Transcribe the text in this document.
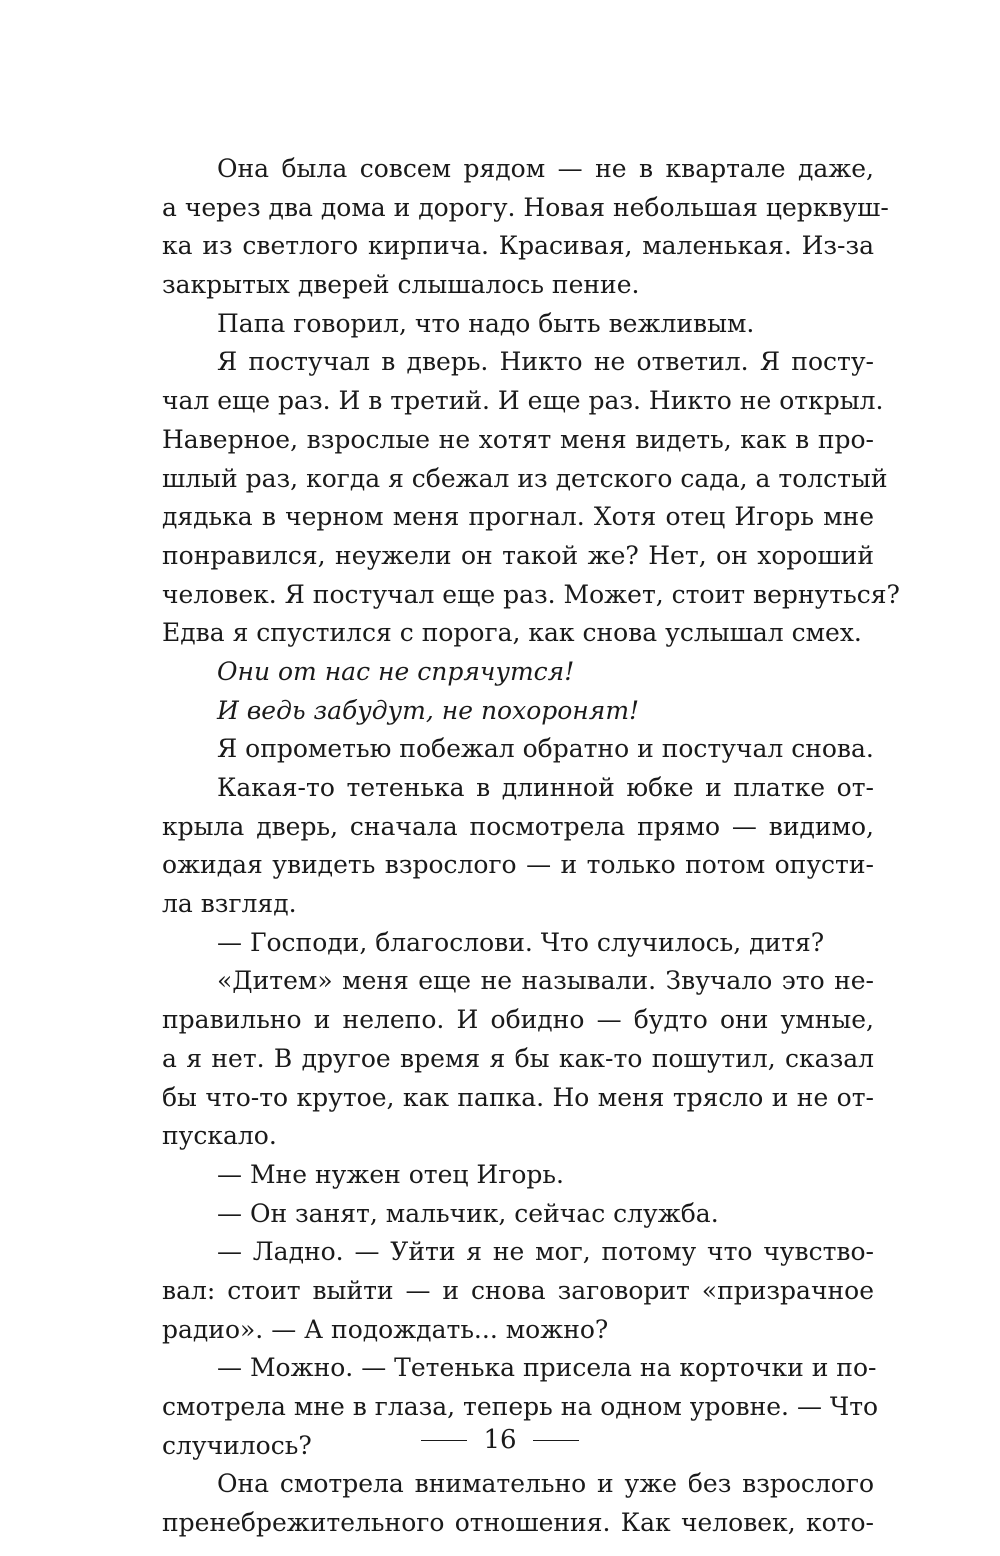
Она была совсем рядом — не в квартале даже,
а через два дома и дорогу. Новая небольшая церквуш-
ка из светлого кирпича. Красивая, маленькая. Из-за
закрытых дверей слышалось пение.
Папа говорил, что надо быть вежливым.
Я постучал в дверь. Никто не ответил. Я посту-
чал еще раз. И в третий. И еще раз. Никто не открыл.
Наверное, взрослые не хотят меня видеть, как в про-
шлый раз, когда я сбежал из детского сада, а толстый
дядька в черном меня прогнал. Хотя отец Игорь мне
понравился, неужели он такой же? Нет, он хороший
человек. Я постучал еще раз. Может, стоит вернуться?
Едва я спустился с порога, как снова услышал смех.
Они от нас не спрячутся!
И ведь забудут, не похоронят!
Я опрометью побежал обратно и постучал снова.
Какая-то тетенька в длинной юбке и платке от-
крыла дверь, сначала посмотрела прямо — видимо,
ожидая увидеть взрослого — и только потом опусти-
ла взгляд.
— Господи, благослови. Что случилось, дитя?
«Дитем» меня еще не называли. Звучало это не-
правильно и нелепо. И обидно — будто они умные,
а я нет. В другое время я бы как-то пошутил, сказал
бы что-то крутое, как папка. Но меня трясло и не от-
пускало.
— Мне нужен отец Игорь.
— Он занят, мальчик, сейчас служба.
— Ладно. — Уйти я не мог, потому что чувство-
вал: стоит выйти — и снова заговорит «призрачное
радио». — А подождать... можно?
— Можно. — Тетенька присела на корточки и по-
смотрела мне в глаза, теперь на одном уровне. — Что
случилось?
Она смотрела внимательно и уже без взрослого
пренебрежительного отношения. Как человек, кото-
16
